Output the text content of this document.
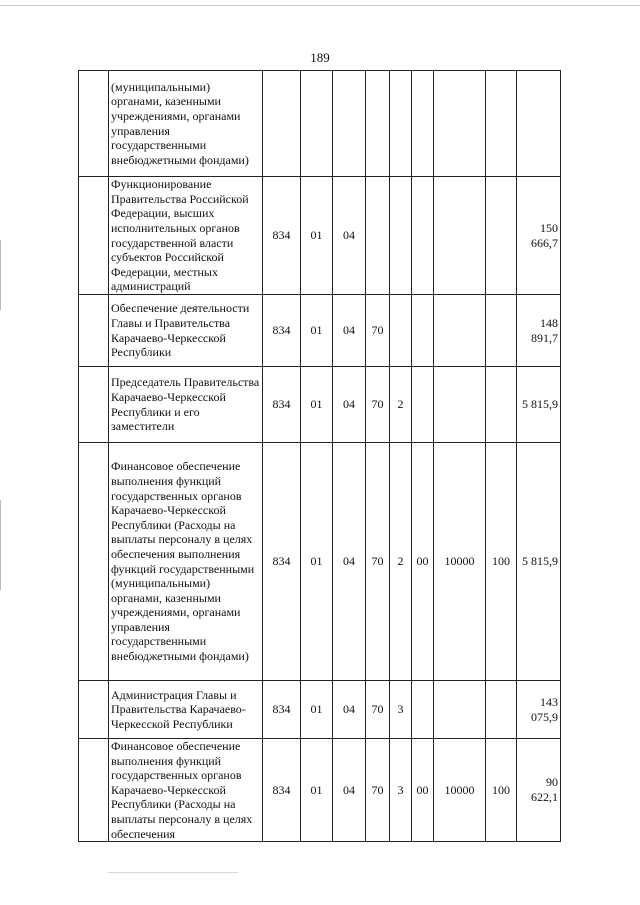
189
	(муниципальными) органами, казенными учреждениями, органами управления государственными внебюджетными фондами)									
	Функционирование Правительства Российской Федерации, высших исполнительных органов государственной власти субъектов Российской Федерации, местных администраций	834	01	04						150 666,7
	Обеспечение деятельности Главы и Правительства Карачаево-Черкесской Республики	834	01	04	70					148 891,7
	Председатель Правительства Карачаево-Черкесской Республики и его заместители	834	01	04	70	2				5 815,9
	Финансовое обеспечение выполнения функций государственных органов Карачаево-Черкесской Республики (Расходы на выплаты персоналу в целях обеспечения выполнения функций государственными (муниципальными) органами, казенными учреждениями, органами управления государственными внебюджетными фондами)	834	01	04	70	2	00	10000	100	5 815,9
	Администрация Главы и Правительства Карачаево-Черкесской Республики	834	01	04	70	3				143 075,9
	Финансовое обеспечение выполнения функций государственных органов Карачаево-Черкесской Республики (Расходы на выплаты персоналу в целях обеспечения	834	01	04	70	3	00	10000	100	90 622,1
